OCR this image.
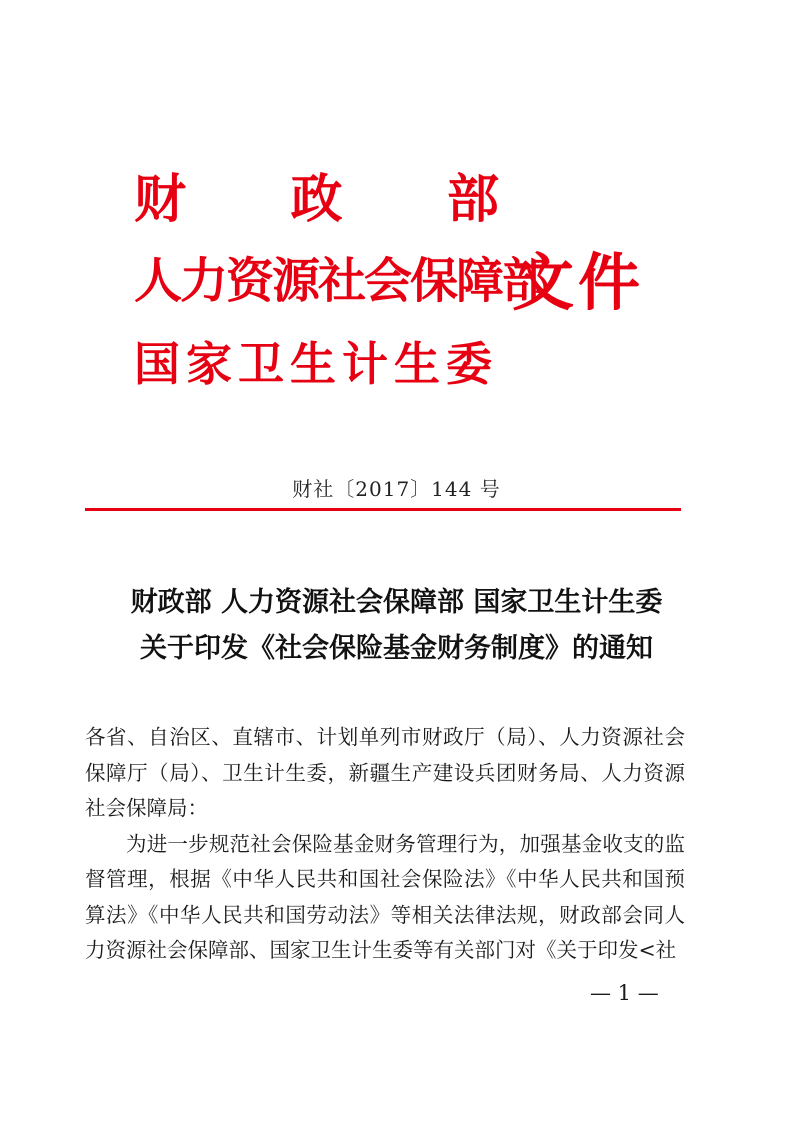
财 政 部
人力资源社会保障部
国家卫生计生委
文件
财社〔2017〕144 号
财政部 人力资源社会保障部 国家卫生计生委
关于印发《社会保险基金财务制度》的通知

各省、自治区、直辖市、计划单列市财政厅（局）、人力资源社会保障厅（局）、卫生计生委，新疆生产建设兵团财务局、人力资源社会保障局：

为进一步规范社会保险基金财务管理行为，加强基金收支的监督管理，根据《中华人民共和国社会保险法》《中华人民共和国预算法》《中华人民共和国劳动法》等相关法律法规，财政部会同人力资源社会保障部、国家卫生计生委等有关部门对《关于印发<社

— 1 —
